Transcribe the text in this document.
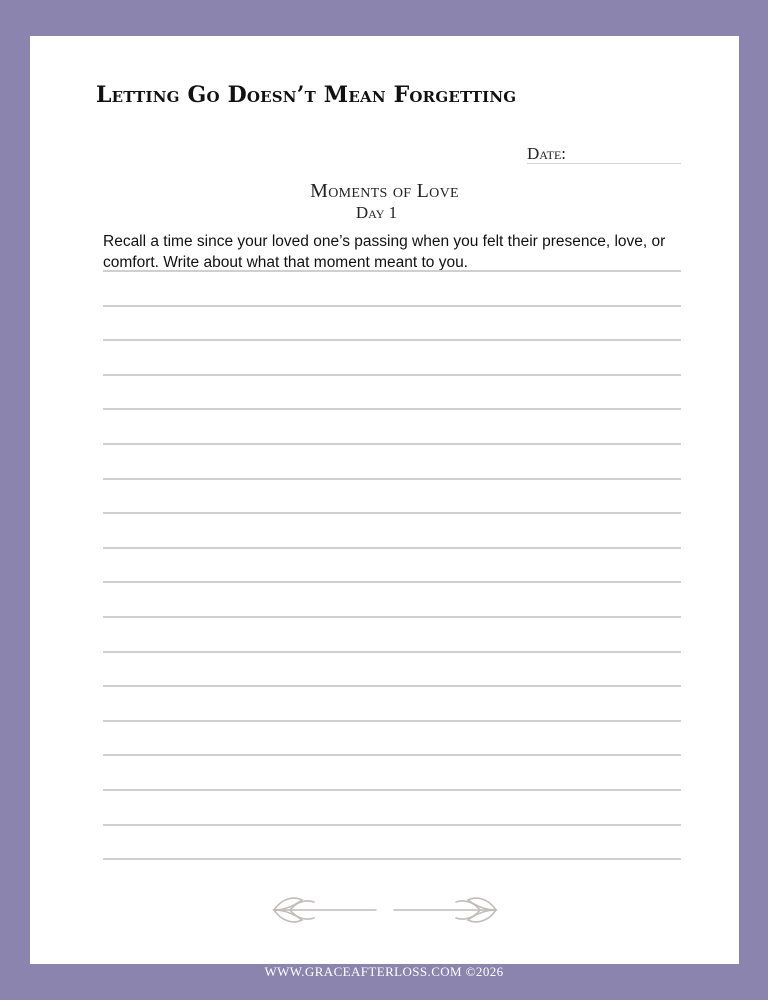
Letting Go Doesn’t Mean Forgetting
Date:
Moments of Love
Day 1

Recall a time since your loved one’s passing when you felt their presence, love, or comfort. Write about what that moment meant to you.

WWW.GRACEAFTERLOSS.COM ©2026
